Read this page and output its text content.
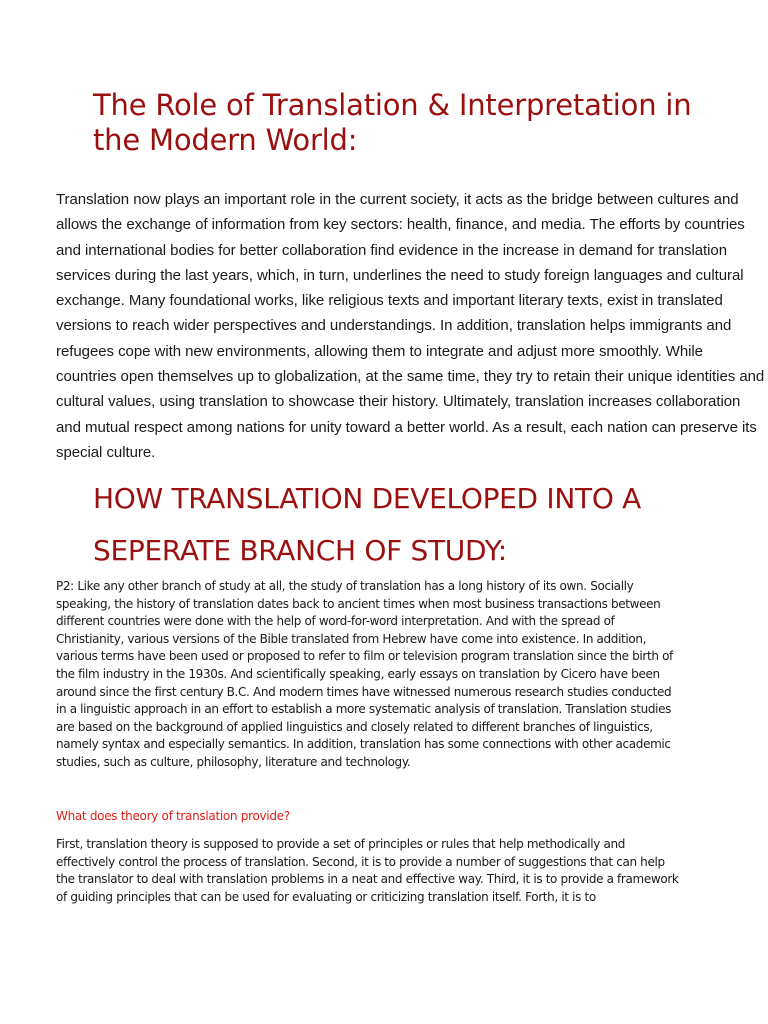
The Role of Translation & Interpretation in the Modern World:

Translation now plays an important role in the current society, it acts as the bridge between cultures and allows the exchange of information from key sectors: health, finance, and media. The efforts by countries and international bodies for better collaboration find evidence in the increase in demand for translation services during the last years, which, in turn, underlines the need to study foreign languages and cultural exchange. Many foundational works, like religious texts and important literary texts, exist in translated versions to reach wider perspectives and understandings. In addition, translation helps immigrants and refugees cope with new environments, allowing them to integrate and adjust more smoothly. While countries open themselves up to globalization, at the same time, they try to retain their unique identities and cultural values, using translation to showcase their history. Ultimately, translation increases collaboration and mutual respect among nations for unity toward a better world. As a result, each nation can preserve its special culture.

HOW TRANSLATION DEVELOPED INTO A SEPERATE BRANCH OF STUDY:

P2: Like any other branch of study at all, the study of translation has a long history of its own. Socially speaking, the history of translation dates back to ancient times when most business transactions between different countries were done with the help of word-for-word interpretation. And with the spread of Christianity, various versions of the Bible translated from Hebrew have come into existence. In addition, various terms have been used or proposed to refer to film or television program translation since the birth of the film industry in the 1930s. And scientifically speaking, early essays on translation by Cicero have been around since the first century B.C. And modern times have witnessed numerous research studies conducted in a linguistic approach in an effort to establish a more systematic analysis of translation. Translation studies are based on the background of applied linguistics and closely related to different branches of linguistics, namely syntax and especially semantics. In addition, translation has some connections with other academic studies, such as culture, philosophy, literature and technology.

What does theory of translation provide?

First, translation theory is supposed to provide a set of principles or rules that help methodically and effectively control the process of translation. Second, it is to provide a number of suggestions that can help the translator to deal with translation problems in a neat and effective way. Third, it is to provide a framework of guiding principles that can be used for evaluating or criticizing translation itself. Forth, it is to
